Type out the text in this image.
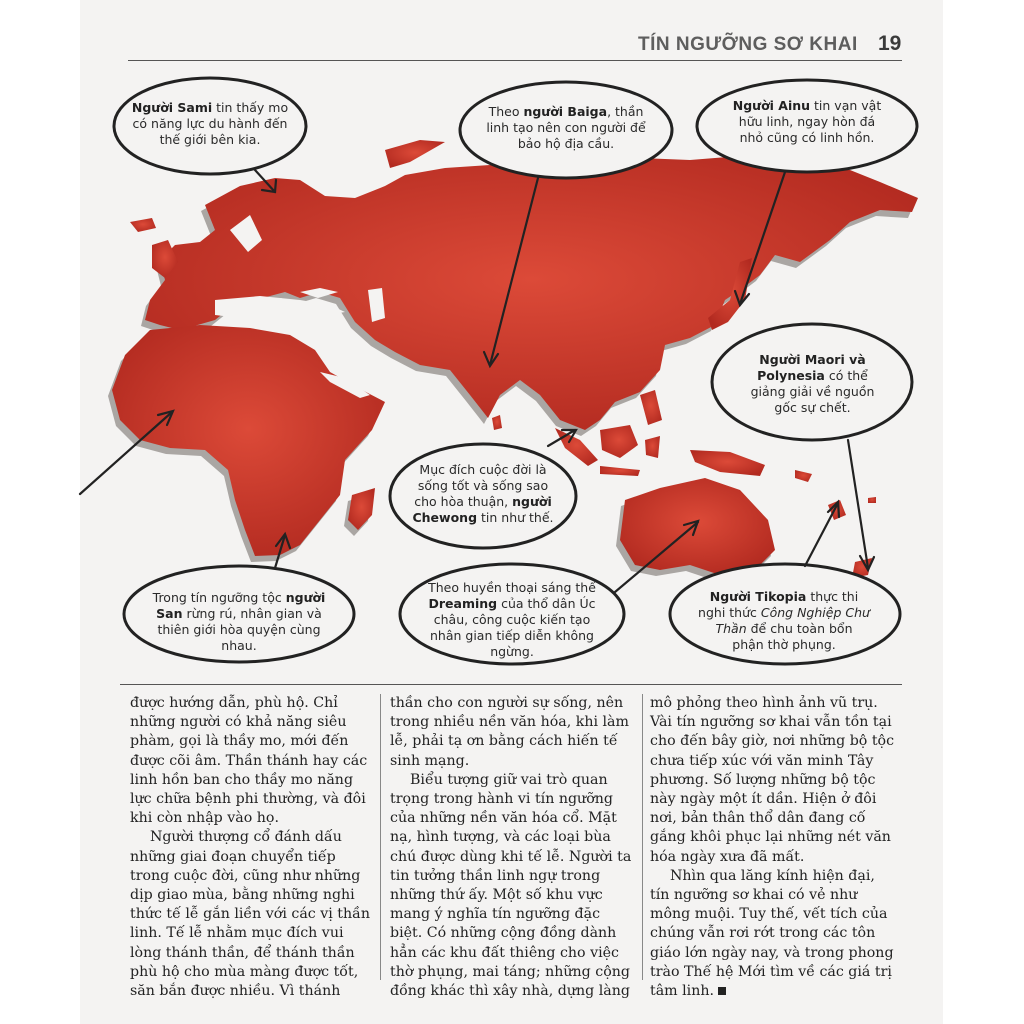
TÍN NGƯỠNG SƠ KHAI 19
Người Sami tin thấy mo có năng lực du hành đến thế giới bên kia.
Theo người Baiga, thần linh tạo nên con người để bảo hộ địa cầu.
Người Ainu tin vạn vật hữu linh, ngay hòn đá nhỏ cũng có linh hồn.
Người Maori và Polynesia có thể giảng giải về nguồn gốc sự chết.
Mục đích cuộc đời là sống tốt và sống sao cho hòa thuận, người Chewong tin như thế.
Trong tín ngưỡng tộc người San rừng rú, nhân gian và thiên giới hòa quyện cùng nhau.
Theo huyền thoại sáng thế Dreaming của thổ dân Úc châu, công cuộc kiến tạo nhân gian tiếp diễn không ngừng.
Người Tikopia thực thi nghi thức Công Nghiệp Chư Thần để chu toàn bổn phận thờ phụng.

được hướng dẫn, phù hộ. Chỉ những người có khả năng siêu phàm, gọi là thầy mo, mới đến được cõi âm. Thần thánh hay các linh hồn ban cho thầy mo năng lực chữa bệnh phi thường, và đôi khi còn nhập vào họ.

Người thượng cổ đánh dấu những giai đoạn chuyển tiếp trong cuộc đời, cũng như những dịp giao mùa, bằng những nghi thức tế lễ gắn liền với các vị thần linh. Tế lễ nhằm mục đích vui lòng thánh thần, để thánh thần phù hộ cho mùa màng được tốt, săn bắn được nhiều. Vì thánh

thần cho con người sự sống, nên trong nhiều nền văn hóa, khi làm lễ, phải tạ ơn bằng cách hiến tế sinh mạng.

Biểu tượng giữ vai trò quan trọng trong hành vi tín ngưỡng của những nền văn hóa cổ. Mặt nạ, hình tượng, và các loại bùa chú được dùng khi tế lễ. Người ta tin tưởng thần linh ngự trong những thứ ấy. Một số khu vực mang ý nghĩa tín ngưỡng đặc biệt. Có những cộng đồng dành hẳn các khu đất thiêng cho việc thờ phụng, mai táng; những cộng đồng khác thì xây nhà, dựng làng

mô phỏng theo hình ảnh vũ trụ. Vài tín ngưỡng sơ khai vẫn tồn tại cho đến bây giờ, nơi những bộ tộc chưa tiếp xúc với văn minh Tây phương. Số lượng những bộ tộc này ngày một ít dần. Hiện ở đôi nơi, bản thân thổ dân đang cố gắng khôi phục lại những nét văn hóa ngày xưa đã mất.

Nhìn qua lăng kính hiện đại, tín ngưỡng sơ khai có vẻ như mông muội. Tuy thế, vết tích của chúng vẫn rơi rớt trong các tôn giáo lớn ngày nay, và trong phong trào Thế hệ Mới tìm về các giá trị tâm linh.
